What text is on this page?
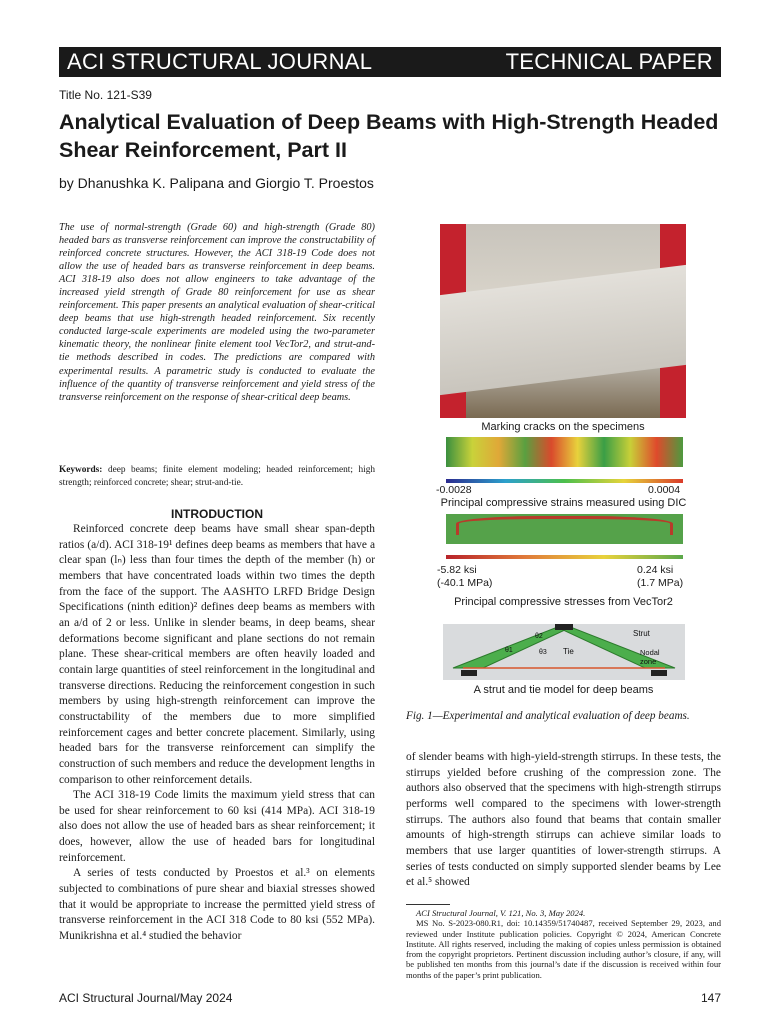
ACI STRUCTURAL JOURNAL	TECHNICAL PAPER
Title No. 121-S39
Analytical Evaluation of Deep Beams with High-Strength Headed Shear Reinforcement, Part II
by Dhanushka K. Palipana and Giorgio T. Proestos

The use of normal-strength (Grade 60) and high-strength (Grade 80) headed bars as transverse reinforcement can improve the constructability of reinforced concrete structures. However, the ACI 318-19 Code does not allow the use of headed bars as transverse reinforcement in deep beams. ACI 318-19 also does not allow engineers to take advantage of the increased yield strength of Grade 80 reinforcement for use as shear reinforcement. This paper presents an analytical evaluation of shear-critical deep beams that use high-strength headed reinforcement. Six recently conducted large-scale experiments are modeled using the two-parameter kinematic theory, the nonlinear finite element tool VecTor2, and strut-and-tie methods described in codes. The predictions are compared with experimental results. A parametric study is conducted to evaluate the influence of the quantity of transverse reinforcement and yield stress of the transverse reinforcement on the response of shear-critical deep beams.

Keywords: deep beams; finite element modeling; headed reinforcement; high strength; reinforced concrete; shear; strut-and-tie.

INTRODUCTION

Reinforced concrete deep beams have small shear span-depth ratios (a/d). ACI 318-19¹ defines deep beams as members that have a clear span (lₙ) less than four times the depth of the member (h) or members that have concentrated loads within two times the depth from the face of the support. The AASHTO LRFD Bridge Design Specifications (ninth edition)² defines deep beams as members with an a/d of 2 or less. Unlike in slender beams, in deep beams, shear deformations become significant and plane sections do not remain plane. These shear-critical members are often heavily loaded and contain large quantities of steel reinforcement in the longitudinal and transverse directions. Reducing the reinforcement congestion in such members by using high-strength reinforcement can improve the constructability of the members due to more simplified reinforcement cages and better concrete placement. Similarly, using headed bars for the transverse reinforcement can simplify the construction of such members and reduce the development lengths in comparison to other reinforcement details.

The ACI 318-19 Code limits the maximum yield stress that can be used for shear reinforcement to 60 ksi (414 MPa). ACI 318-19 also does not allow the use of headed bars as shear reinforcement; it does, however, allow the use of headed bars for longitudinal reinforcement.

A series of tests conducted by Proestos et al.³ on elements subjected to combinations of pure shear and biaxial stresses showed that it would be appropriate to increase the permitted yield stress of transverse reinforcement in the ACI 318 Code to 80 ksi (552 MPa). Munikrishna et al.⁴ studied the behavior

Marking cracks on the specimens
-0.0028	0.0004
Principal compressive strains measured using DIC
-5.82 ksi
(-40.1 MPa)
0.24 ksi
(1.7 MPa)
Principal compressive stresses from VecTor2
Strut
Tie	Nodal
zone
θ2
θ1	θ3
A strut and tie model for deep beams

Fig. 1—Experimental and analytical evaluation of deep beams.

of slender beams with high-yield-strength stirrups. In these tests, the stirrups yielded before crushing of the compression zone. The authors also observed that the specimens with high-strength stirrups performs well compared to the specimens with lower-strength stirrups. The authors also found that beams that contain smaller amounts of high-strength stirrups can achieve similar loads to members that use larger quantities of lower-strength stirrups. A series of tests conducted on simply supported slender beams by Lee et al.⁵ showed

ACI Structural Journal, V. 121, No. 3, May 2024.

MS No. S-2023-080.R1, doi: 10.14359/51740487, received September 29, 2023, and reviewed under Institute publication policies. Copyright © 2024, American Concrete Institute. All rights reserved, including the making of copies unless permission is obtained from the copyright proprietors. Pertinent discussion including author’s closure, if any, will be published ten months from this journal’s date if the discussion is received within four months of the paper’s print publication.

ACI Structural Journal/May 2024	147
